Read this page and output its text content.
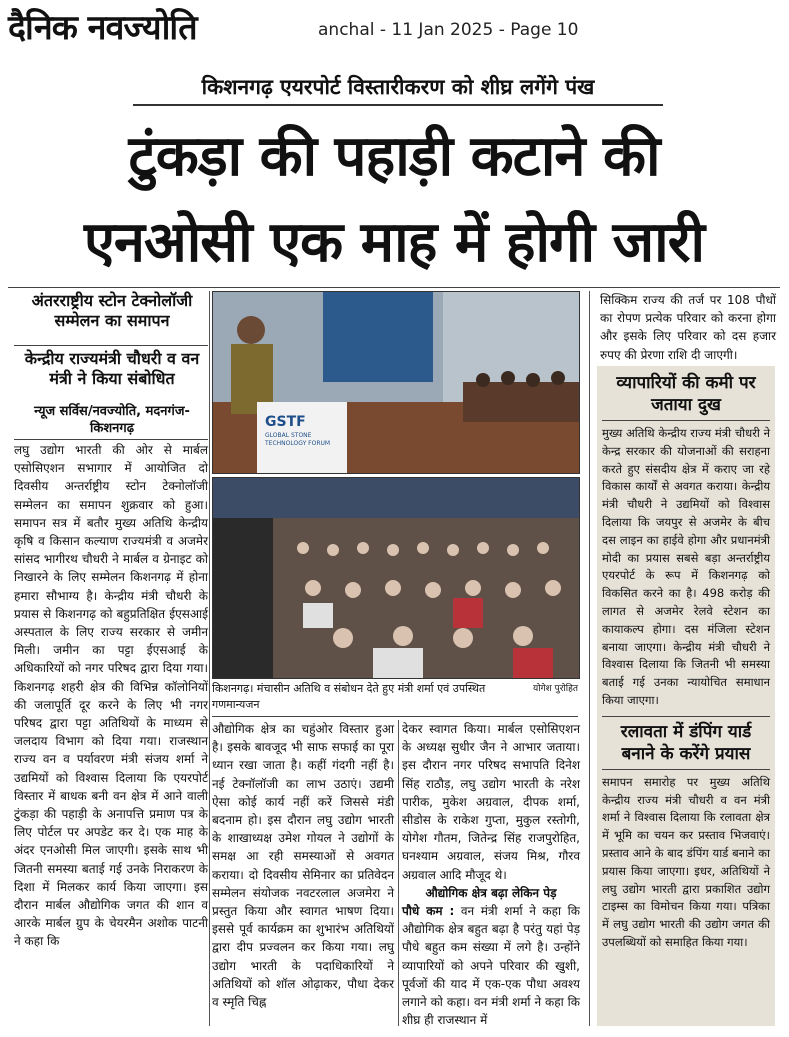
दैनिक नवज्योति	anchal - 11 Jan 2025 - Page 10
किशनगढ़ एयरपोर्ट विस्तारीकरण को शीघ्र लगेंगे पंख
टुंकड़ा की पहाड़ी कटाने की
एनओसी एक माह में होगी जारी
अंतरराष्ट्रीय स्टोन टेक्नोलॉजी सम्मेलन का समापन
केन्द्रीय राज्यमंत्री चौधरी व वन मंत्री ने किया संबोधित
न्यूज सर्विस/नवज्योति, मदनगंज-किशनगढ़

लघु उद्योग भारती की ओर से मार्बल एसोसिएशन सभागार में आयोजित दो दिवसीय अन्तर्राष्ट्रीय स्टोन टेक्नोलॉजी सम्मेलन का समापन शुक्रवार को हुआ। समापन सत्र में बतौर मुख्य अतिथि केन्द्रीय कृषि व किसान कल्याण राज्यमंत्री व अजमेर सांसद भागीरथ चौधरी ने मार्बल व ग्रेनाइट को निखारने के लिए सम्मेलन किशनगढ़ में होना हमारा सौभाग्य है। केन्द्रीय मंत्री चौधरी के प्रयास से किशनगढ़ को बहुप्रतिक्षित ईएसआई अस्पताल के लिए राज्य सरकार से जमीन मिली। जमीन का पट्टा ईएसआई के अधिकारियों को नगर परिषद द्वारा दिया गया। किशनगढ़ शहरी क्षेत्र की विभिन्न कॉलोनियों की जलापूर्ति दूर करने के लिए भी नगर परिषद द्वारा पट्टा अतिथियों के माध्यम से जलदाय विभाग को दिया गया। राजस्थान राज्य वन व पर्यावरण मंत्री संजय शर्मा ने उद्यमियों को विश्वास दिलाया कि एयरपोर्ट विस्तार में बाधक बनी वन क्षेत्र में आने वाली टुंकड़ा की पहाड़ी के अनापत्ति प्रमाण पत्र के लिए पोर्टल पर अपडेट कर दे। एक माह के अंदर एनओसी मिल जाएगी। इसके साथ भी जितनी समस्या बताई गई उनके निराकरण के दिशा में मिलकर कार्य किया जाएगा। इस दौरान मार्बल औद्योगिक जगत की शान व आरके मार्बल ग्रुप के चेयरमैन अशोक पाटनी ने कहा कि

GSTF
GLOBAL STONE TECHNOLOGY FORUM
योगेश पुरोहित
किशनगढ़। मंचासीन अतिथि व संबोधन देते हुए मंत्री शर्मा एवं उपस्थित गणमान्यजन

औद्योगिक क्षेत्र का चहुंओर विस्तार हुआ है। इसके बावजूद भी साफ सफाई का पूरा ध्यान रखा जाता है। कहीं गंदगी नहीं है। नई टेक्नॉलॉजी का लाभ उठाएं। उद्यमी ऐसा कोई कार्य नहीं करें जिससे मंडी बदनाम हो। इस दौरान लघु उद्योग भारती के शाखाध्यक्ष उमेश गोयल ने उद्योगों के समक्ष आ रही समस्याओं से अवगत कराया। दो दिवसीय सेमिनार का प्रतिवेदन सम्मेलन संयोजक नवटरलाल अजमेरा ने प्रस्तुत किया और स्वागत भाषण दिया। इससे पूर्व कार्यक्रम का शुभारंभ अतिथियों द्वारा दीप प्रज्वलन कर किया गया। लघु उद्योग भारती के पदाधिकारियों ने अतिथियों को शॉल ओढ़ाकर, पौधा देकर व स्मृति चिह्न

देकर स्वागत किया। मार्बल एसोसिएशन के अध्यक्ष सुधीर जैन ने आभार जताया। इस दौरान नगर परिषद सभापति दिनेश सिंह राठौड़, लघु उद्योग भारती के नरेश पारीक, मुकेश अग्रवाल, दीपक शर्मा, सीडोस के राकेश गुप्ता, मुकुल रस्तोगी, योगेश गौतम, जितेन्द्र सिंह राजपुरोहित, घनश्याम अग्रवाल, संजय मिश्र, गौरव अग्रवाल आदि मौजूद थे।

औद्योगिक क्षेत्र बढ़ा लेकिन पेड़

पौधे कम : वन मंत्री शर्मा ने कहा कि औद्योगिक क्षेत्र बहुत बढ़ा है परंतु यहां पेड़ पौधे बहुत कम संख्या में लगे है। उन्होंने व्यापारियों को अपने परिवार की खुशी, पूर्वजों की याद में एक-एक पौधा अवश्य लगाने को कहा। वन मंत्री शर्मा ने कहा कि शीघ्र ही राजस्थान में

सिक्किम राज्य की तर्ज पर 108 पौधों का रोपण प्रत्येक परिवार को करना होगा और इसके लिए परिवार को दस हजार रुपए की प्रेरणा राशि दी जाएगी।

व्यापारियों की कमी पर जताया दुख
मुख्य अतिथि केन्द्रीय राज्य मंत्री चौधरी ने केन्द्र सरकार की योजनाओं की सराहना करते हुए संसदीय क्षेत्र में कराए जा रहे विकास कार्यों से अवगत कराया। केन्द्रीय मंत्री चौधरी ने उद्यमियों को विश्वास दिलाया कि जयपुर से अजमेर के बीच दस लाइन का हाईवे होगा और प्रधानमंत्री मोदी का प्रयास सबसे बड़ा अन्तर्राष्ट्रीय एयरपोर्ट के रूप में किशनगढ़ को विकसित करने का है। 498 करोड़ की लागत से अजमेर रेलवे स्टेशन का कायाकल्प होगा। दस मंजिला स्टेशन बनाया जाएगा। केन्द्रीय मंत्री चौधरी ने विश्वास दिलाया कि जितनी भी समस्या बताई गई उनका न्यायोचित समाधान किया जाएगा।
रलावता में डंपिंग यार्ड बनाने के करेंगे प्रयास
समापन समारोह पर मुख्य अतिथि केन्द्रीय राज्य मंत्री चौधरी व वन मंत्री शर्मा ने विश्वास दिलाया कि रलावता क्षेत्र में भूमि का चयन कर प्रस्ताव भिजवाएं। प्रस्ताव आने के बाद डंपिंग यार्ड बनाने का प्रयास किया जाएगा। इधर, अतिथियों ने लघु उद्योग भारती द्वारा प्रकाशित उद्योग टाइम्स का विमोचन किया गया। पत्रिका में लघु उद्योग भारती की उद्योग जगत की उपलब्धियों को समाहित किया गया।
